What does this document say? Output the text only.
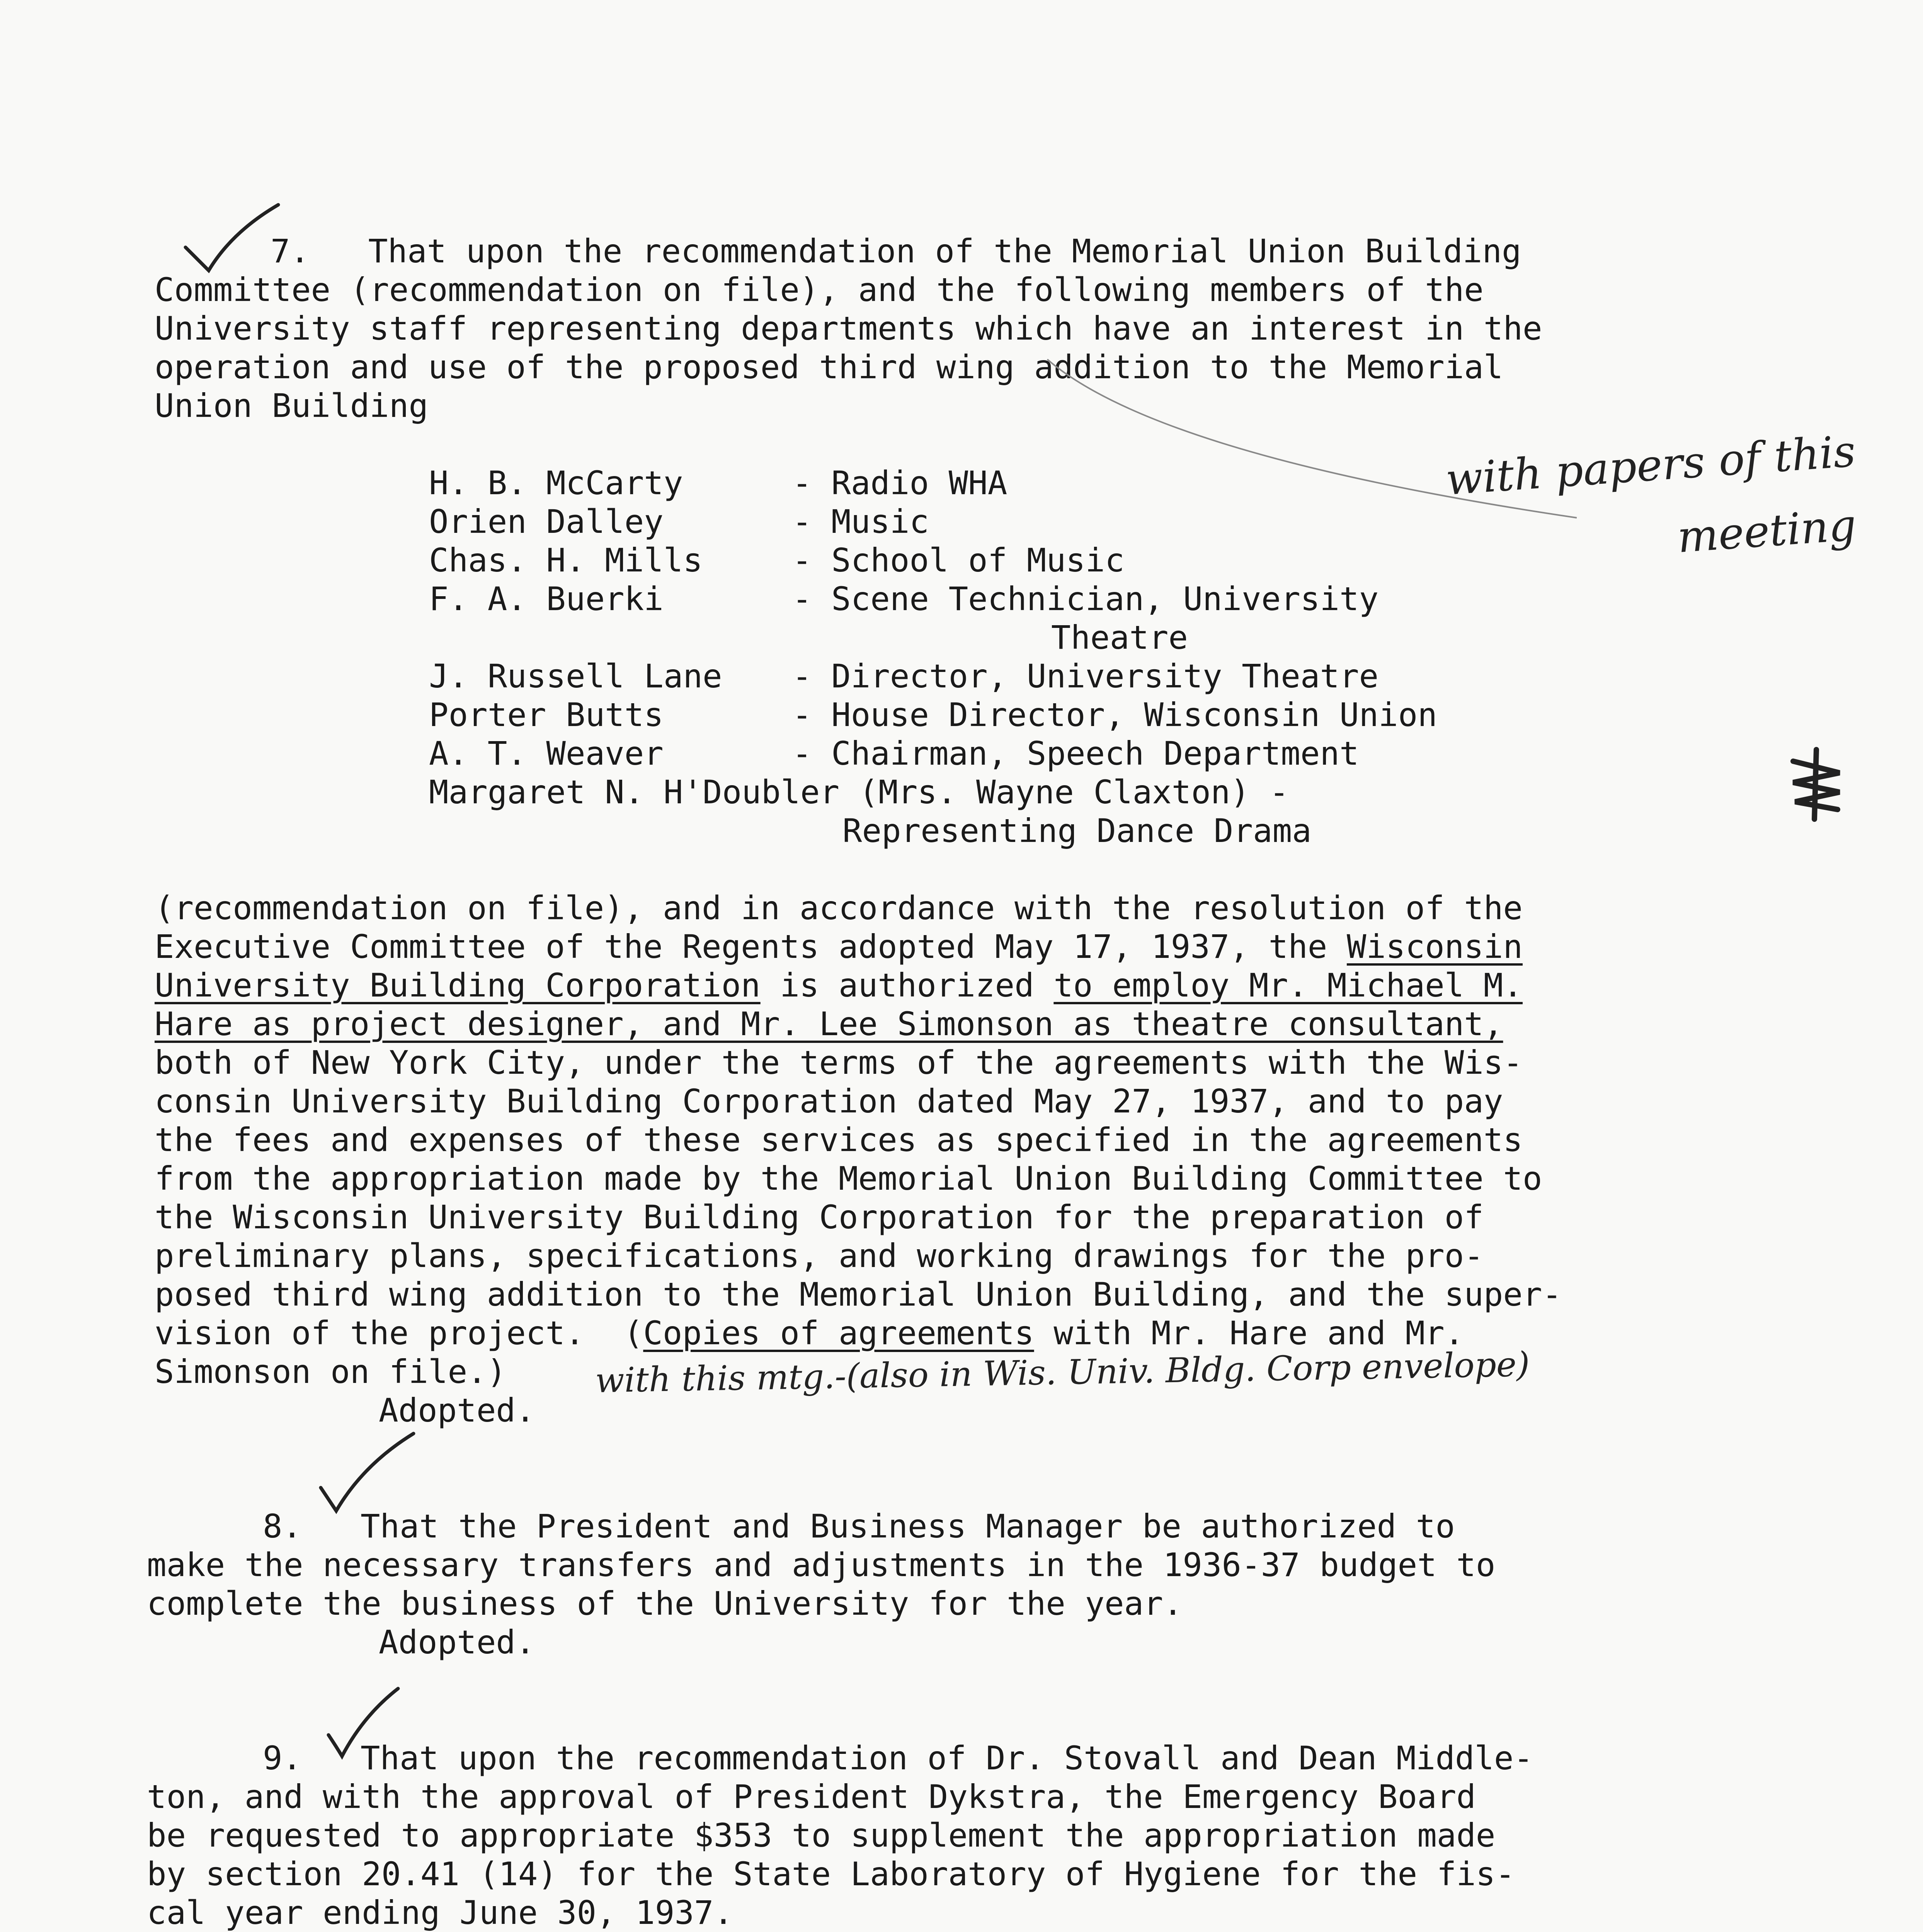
7.   That upon the recommendation of the Memorial Union Building
Committee (recommendation on file), and the following members of the
University staff representing departments which have an interest in the
operation and use of the proposed third wing addition to the Memorial
Union Building
H. B. McCarty	- Radio WHA
Orien Dalley	- Music
Chas. H. Mills	- School of Music
F. A. Buerki	- Scene Technician, University
Theatre
J. Russell Lane - Director, University Theatre
Porter Butts	- House Director, Wisconsin Union
A. T. Weaver	- Chairman, Speech Department
Margaret N. H'Doubler (Mrs. Wayne Claxton) -
Representing Dance Drama
(recommendation on file), and in accordance with the resolution of the
Executive Committee of the Regents adopted May 17, 1937, the Wisconsin
University Building Corporation is authorized to employ Mr. Michael M.
Hare as project designer, and Mr. Lee Simonson as theatre consultant,
both of New York City, under the terms of the agreements with the Wis-
consin University Building Corporation dated May 27, 1937, and to pay
the fees and expenses of these services as specified in the agreements
from the appropriation made by the Memorial Union Building Committee to
the Wisconsin University Building Corporation for the preparation of
preliminary plans, specifications, and working drawings for the pro-
posed third wing addition to the Memorial Union Building, and the super-
vision of the project.  (Copies of agreements with Mr. Hare and Mr.
Simonson on file.)
Adopted.
8.   That the President and Business Manager be authorized to
make the necessary transfers and adjustments in the 1936-37 budget to
complete the business of the University for the year.
Adopted.
9.   That upon the recommendation of Dr. Stovall and Dean Middle-
ton, and with the approval of President Dykstra, the Emergency Board
be requested to appropriate $353 to supplement the appropriation made
by section 20.41 (14) for the State Laboratory of Hygiene for the fis-
cal year ending June 30, 1937.
with papers of this
meeting
with this mtg.-(also in Wis. Univ. Bldg. Corp envelope)
